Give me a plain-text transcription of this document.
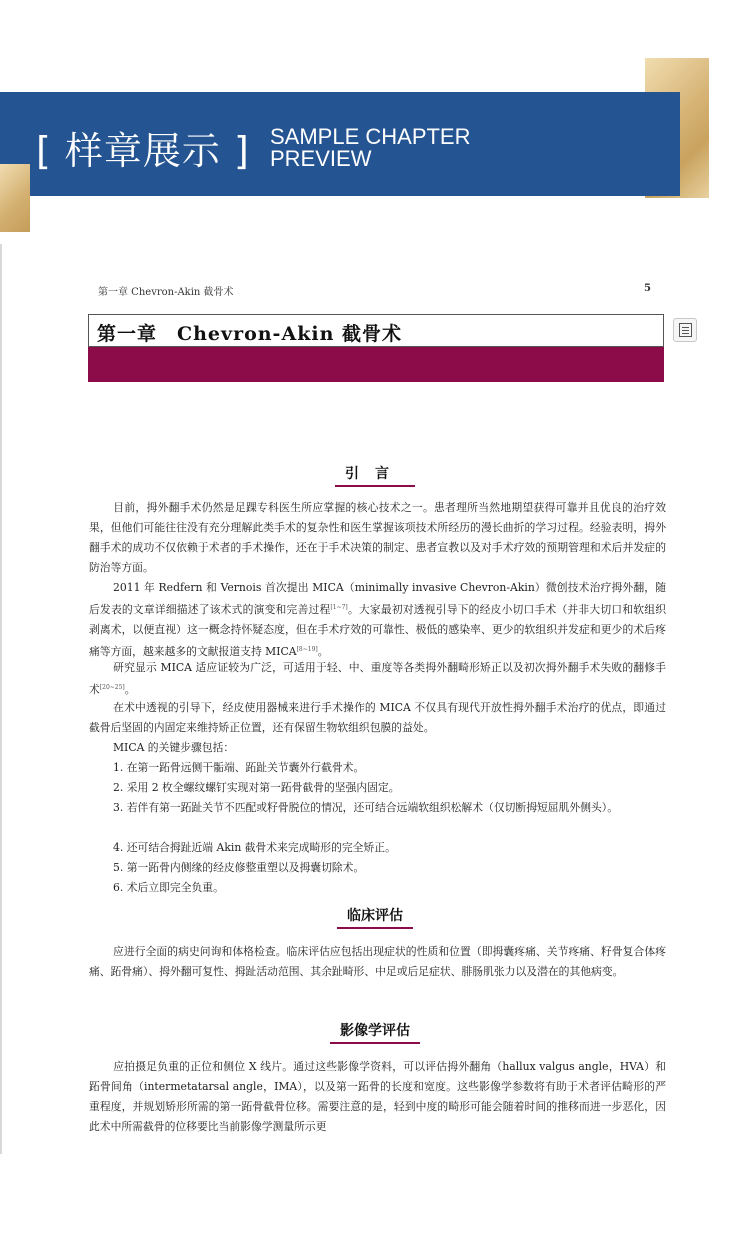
[ 样章展示 ] SAMPLE CHAPTER
PREVIEW
第一章 Chevron-Akin 截骨术	5
第一章　Chevron-Akin 截骨术
引言
目前，拇外翻手术仍然是足踝专科医生所应掌握的核心技术之一。患者理所当然地期望获得可靠并且优良的治疗效果，但他们可能往往没有充分理解此类手术的复杂性和医生掌握该项技术所经历的漫长曲折的学习过程。经验表明，拇外翻手术的成功不仅依赖于术者的手术操作，还在于手术决策的制定、患者宣教以及对手术疗效的预期管理和术后并发症的防治等方面。
2011 年 Redfern 和 Vernois 首次提出 MICA（minimally invasive Chevron-Akin）微创技术治疗拇外翻，随后发表的文章详细描述了该术式的演变和完善过程[1~7]。大家最初对透视引导下的经皮小切口手术（并非大切口和软组织剥离术，以便直视）这一概念持怀疑态度，但在手术疗效的可靠性、极低的感染率、更少的软组织并发症和更少的术后疼痛等方面，越来越多的文献报道支持 MICA[8~19]。
研究显示 MICA 适应证较为广泛，可适用于轻、中、重度等各类拇外翻畸形矫正以及初次拇外翻手术失败的翻修手术[20~25]。
在术中透视的引导下，经皮使用器械来进行手术操作的 MICA 不仅具有现代开放性拇外翻手术治疗的优点，即通过截骨后坚固的内固定来维持矫正位置，还有保留生物软组织包膜的益处。
MICA 的关键步骤包括：
1. 在第一跖骨远侧干骺端、跖趾关节囊外行截骨术。
2. 采用 2 枚全螺纹螺钉实现对第一跖骨截骨的坚强内固定。
3. 若伴有第一跖趾关节不匹配或籽骨脱位的情况，还可结合远端软组织松解术（仅切断拇短屈肌外侧头）。
4. 还可结合拇趾近端 Akin 截骨术来完成畸形的完全矫正。
5. 第一跖骨内侧缘的经皮修整重塑以及拇囊切除术。
6. 术后立即完全负重。
临床评估
应进行全面的病史问询和体格检查。临床评估应包括出现症状的性质和位置（即拇囊疼痛、关节疼痛、籽骨复合体疼痛、跖骨痛）、拇外翻可复性、拇趾活动范围、其余趾畸形、中足或后足症状、腓肠肌张力以及潜在的其他病变。
影像学评估
应拍摄足负重的正位和侧位 X 线片。通过这些影像学资料，可以评估拇外翻角（hallux valgus angle，HVA）和跖骨间角（intermetatarsal angle，IMA），以及第一跖骨的长度和宽度。这些影像学参数将有助于术者评估畸形的严重程度，并规划矫形所需的第一跖骨截骨位移。需要注意的是，轻到中度的畸形可能会随着时间的推移而进一步恶化，因此术中所需截骨的位移要比当前影像学测量所示更
